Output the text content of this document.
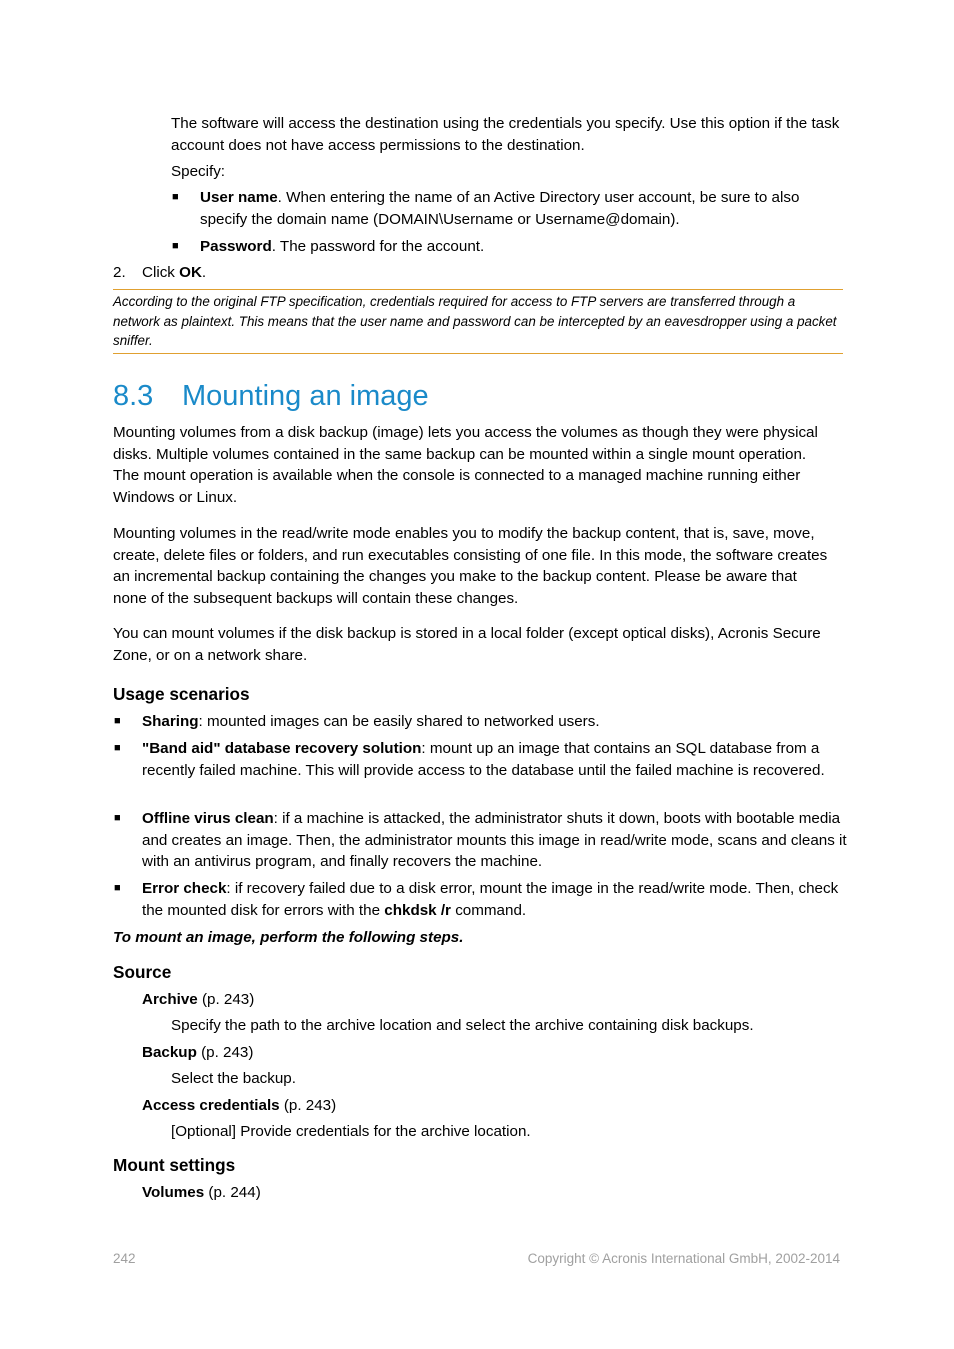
The software will access the destination using the credentials you specify. Use this option if the task account does not have access permissions to the destination.

Specify:

■ User name. When entering the name of an Active Directory user account, be sure to also specify the domain name (DOMAIN\Username or Username@domain).

■ Password. The password for the account.

2. Click OK.

According to the original FTP specification, credentials required for access to FTP servers are transferred through a network as plaintext. This means that the user name and password can be intercepted by an eavesdropper using a packet sniffer.
8.3 Mounting an image

Mounting volumes from a disk backup (image) lets you access the volumes as though they were physical disks. Multiple volumes contained in the same backup can be mounted within a single mount operation. The mount operation is available when the console is connected to a managed machine running either Windows or Linux.

Mounting volumes in the read/write mode enables you to modify the backup content, that is, save, move, create, delete files or folders, and run executables consisting of one file. In this mode, the software creates an incremental backup containing the changes you make to the backup content. Please be aware that none of the subsequent backups will contain these changes.

You can mount volumes if the disk backup is stored in a local folder (except optical disks), Acronis Secure Zone, or on a network share.

Usage scenarios
■ Sharing: mounted images can be easily shared to networked users.

■ "Band aid" database recovery solution: mount up an image that contains an SQL database from a recently failed machine. This will provide access to the database until the failed machine is recovered.

■ Offline virus clean: if a machine is attacked, the administrator shuts it down, boots with bootable media and creates an image. Then, the administrator mounts this image in read/write mode, scans and cleans it with an antivirus program, and finally recovers the machine.

■ Error check: if recovery failed due to a disk error, mount the image in the read/write mode. Then, check the mounted disk for errors with the chkdsk /r command.

To mount an image, perform the following steps.

Source

Archive (p. 243)

Specify the path to the archive location and select the archive containing disk backups.

Backup (p. 243)

Select the backup.

Access credentials (p. 243)

[Optional] Provide credentials for the archive location.

Mount settings

Volumes (p. 244)

242	Copyright © Acronis International GmbH, 2002-2014
